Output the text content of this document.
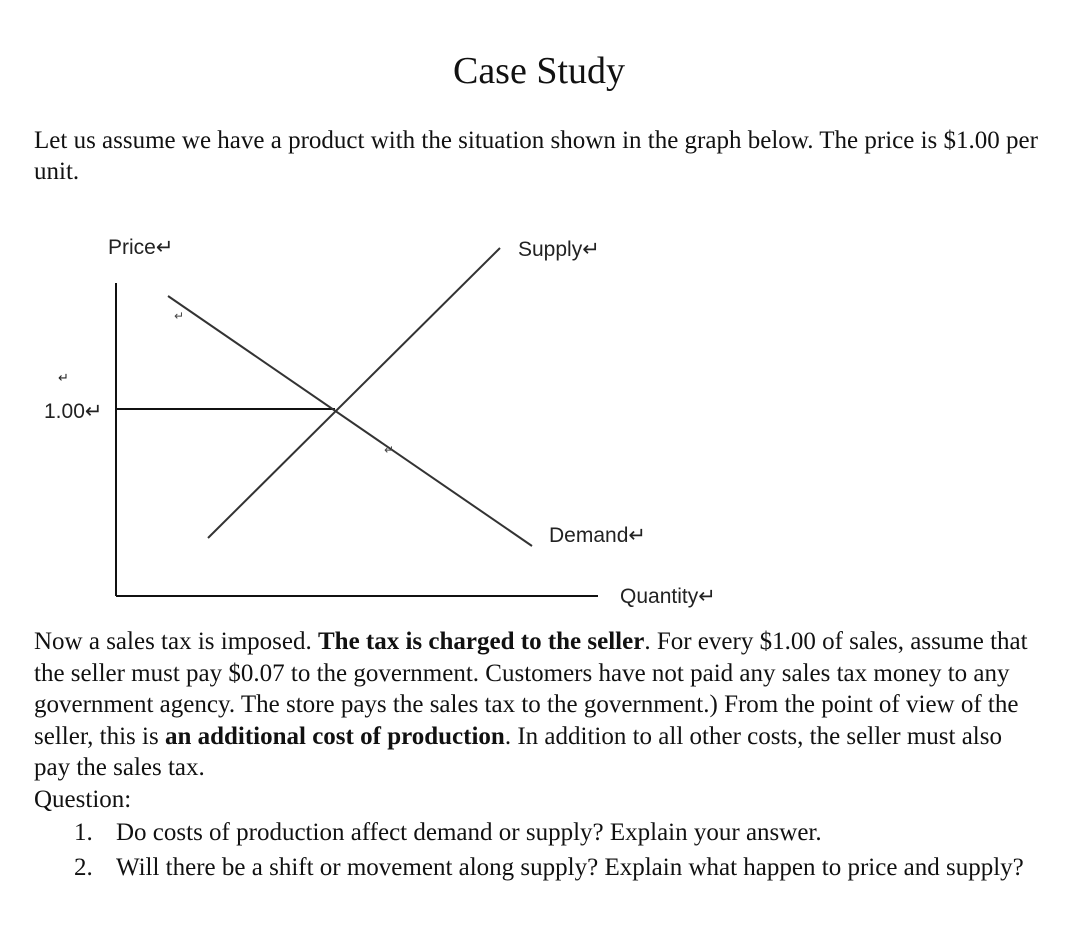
Case Study

Let us assume we have a product with the situation shown in the graph below. The price is $1.00 per unit.

↵
↵
Price↵	Supply↵
↵
1.00↵
Demand↵
Quantity↵
Now a sales tax is imposed. The tax is charged to the seller. For every $1.00 of sales, assume that the seller must pay $0.07 to the government. Customers have not paid any sales tax money to any government agency. The store pays the sales tax to the government.) From the point of view of the seller, this is an additional cost of production. In addition to all other costs, the seller must also pay the sales tax.
Question:
1. Do costs of production affect demand or supply? Explain your answer.
2. Will there be a shift or movement along supply? Explain what happen to price and supply?
